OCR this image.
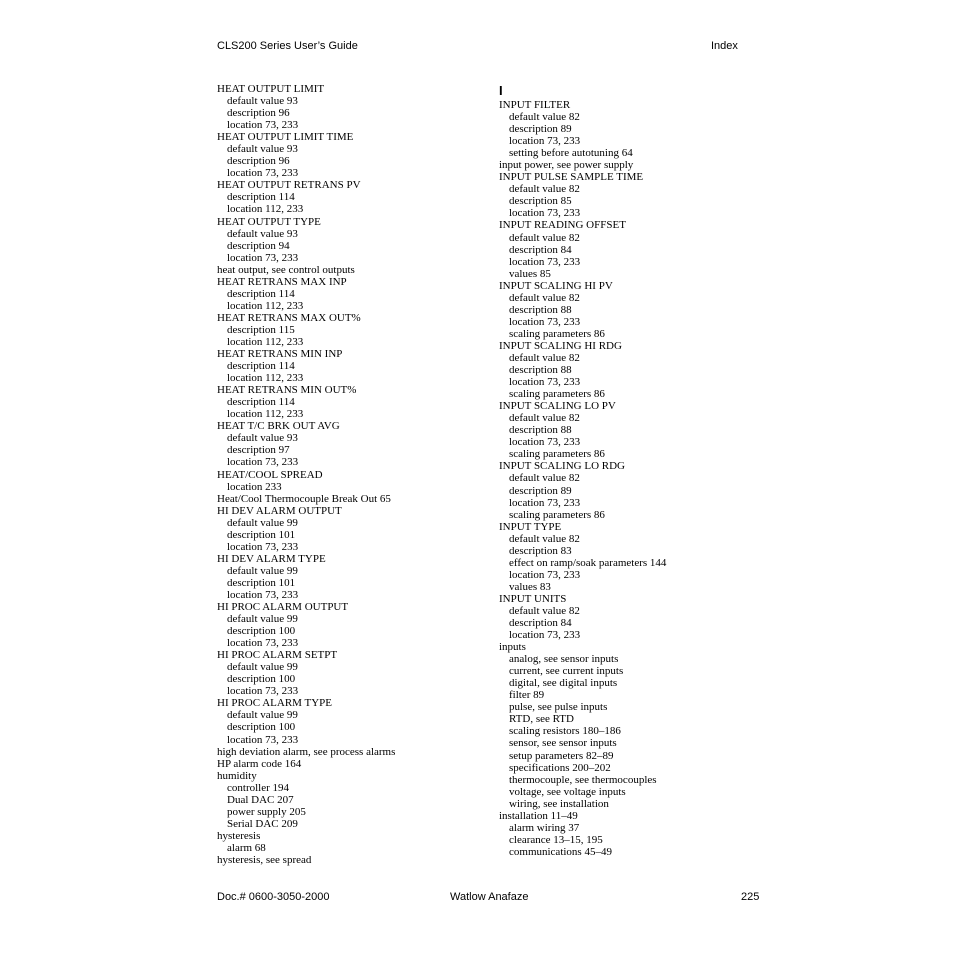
CLS200 Series User’s Guide	Index
HEAT OUTPUT LIMIT
default value 93
description 96
location 73, 233
HEAT OUTPUT LIMIT TIME
default value 93
description 96
location 73, 233
HEAT OUTPUT RETRANS PV
description 114
location 112, 233
HEAT OUTPUT TYPE
default value 93
description 94
location 73, 233
heat output, see control outputs
HEAT RETRANS MAX INP
description 114
location 112, 233
HEAT RETRANS MAX OUT%
description 115
location 112, 233
HEAT RETRANS MIN INP
description 114
location 112, 233
HEAT RETRANS MIN OUT%
description 114
location 112, 233
HEAT T/C BRK OUT AVG
default value 93
description 97
location 73, 233
HEAT/COOL SPREAD
location 233
Heat/Cool Thermocouple Break Out 65
HI DEV ALARM OUTPUT
default value 99
description 101
location 73, 233
HI DEV ALARM TYPE
default value 99
description 101
location 73, 233
HI PROC ALARM OUTPUT
default value 99
description 100
location 73, 233
HI PROC ALARM SETPT
default value 99
description 100
location 73, 233
HI PROC ALARM TYPE
default value 99
description 100
location 73, 233
high deviation alarm, see process alarms
HP alarm code 164
humidity
controller 194
Dual DAC 207
power supply 205
Serial DAC 209
hysteresis
alarm 68
hysteresis, see spread
I
INPUT FILTER
default value 82
description 89
location 73, 233
setting before autotuning 64
input power, see power supply
INPUT PULSE SAMPLE TIME
default value 82
description 85
location 73, 233
INPUT READING OFFSET
default value 82
description 84
location 73, 233
values 85
INPUT SCALING HI PV
default value 82
description 88
location 73, 233
scaling parameters 86
INPUT SCALING HI RDG
default value 82
description 88
location 73, 233
scaling parameters 86
INPUT SCALING LO PV
default value 82
description 88
location 73, 233
scaling parameters 86
INPUT SCALING LO RDG
default value 82
description 89
location 73, 233
scaling parameters 86
INPUT TYPE
default value 82
description 83
effect on ramp/soak parameters 144
location 73, 233
values 83
INPUT UNITS
default value 82
description 84
location 73, 233
inputs
analog, see sensor inputs
current, see current inputs
digital, see digital inputs
filter 89
pulse, see pulse inputs
RTD, see RTD
scaling resistors 180–186
sensor, see sensor inputs
setup parameters 82–89
specifications 200–202
thermocouple, see thermocouples
voltage, see voltage inputs
wiring, see installation
installation 11–49
alarm wiring 37
clearance 13–15, 195
communications 45–49
Doc.# 0600-3050-2000	Watlow Anafaze	225
